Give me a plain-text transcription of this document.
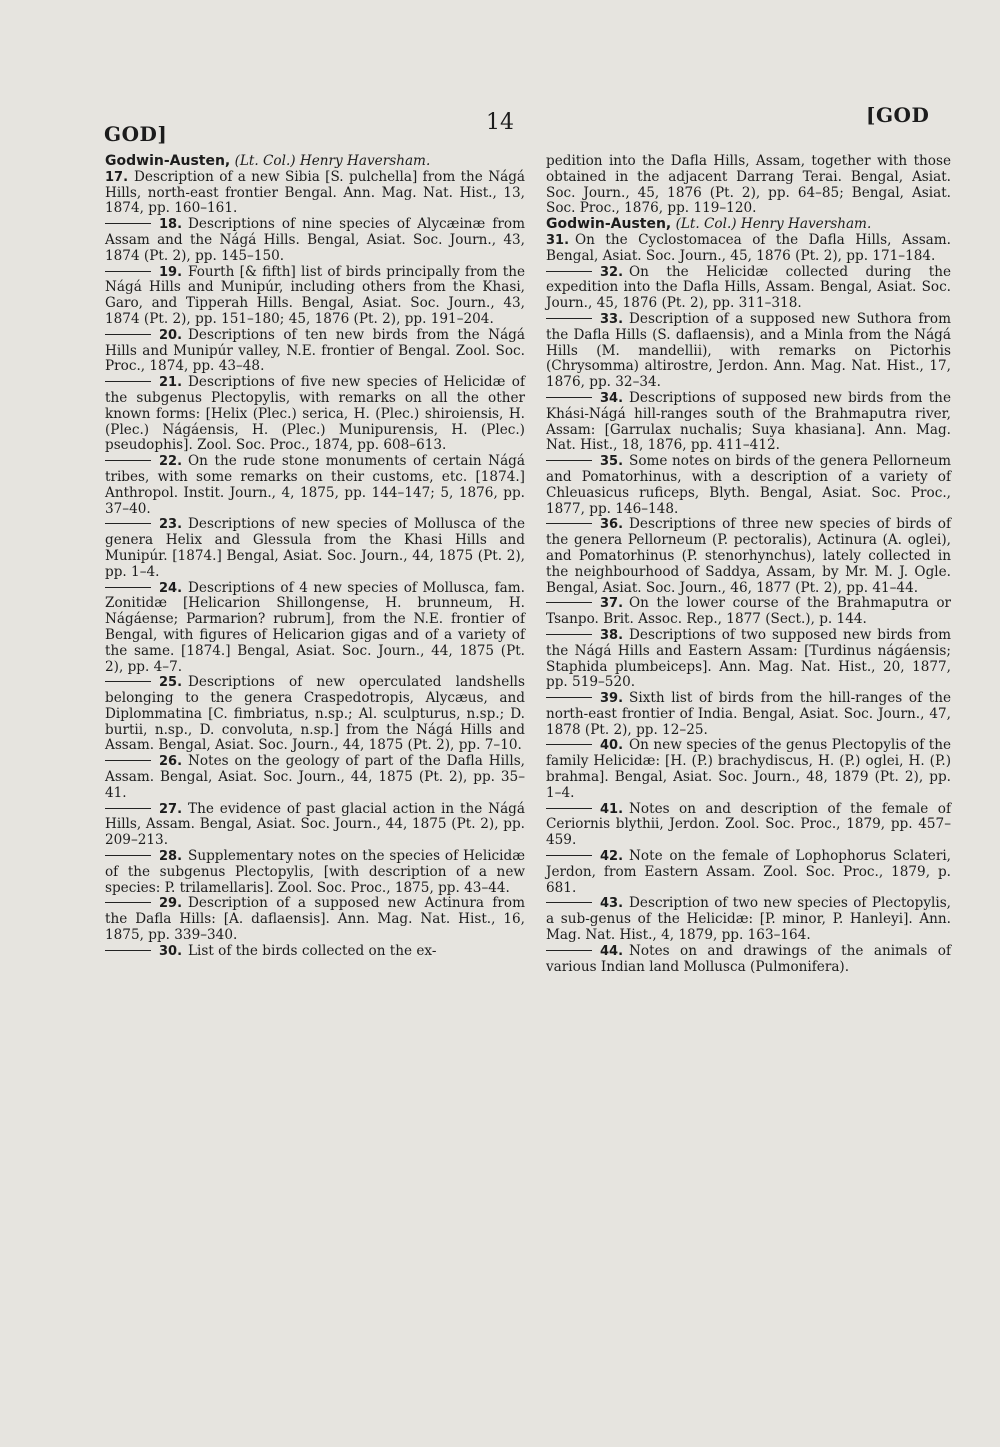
GOD]	14	[GOD

Godwin-Austen, (Lt. Col.) Henry Haversham.

17. Description of a new Sibia [S. pulchella] from the Nágá Hills, north-east frontier Bengal. Ann. Mag. Nat. Hist., 13, 1874, pp. 160–161.

18. Descriptions of nine species of Alycæinæ from Assam and the Nágá Hills. Bengal, Asiat. Soc. Journ., 43, 1874 (Pt. 2), pp. 145–150.

19. Fourth [& fifth] list of birds principally from the Nágá Hills and Munipúr, including others from the Khasi, Garo, and Tipperah Hills. Bengal, Asiat. Soc. Journ., 43, 1874 (Pt. 2), pp. 151–180; 45, 1876 (Pt. 2), pp. 191–204.

20. Descriptions of ten new birds from the Nágá Hills and Munipúr valley, N.E. frontier of Bengal. Zool. Soc. Proc., 1874, pp. 43–48.

21. Descriptions of five new species of Helicidæ of the subgenus Plectopylis, with remarks on all the other known forms: [Helix (Plec.) serica, H. (Plec.) shiroiensis, H. (Plec.) Nágáensis, H. (Plec.) Munipurensis, H. (Plec.) pseudophis]. Zool. Soc. Proc., 1874, pp. 608–613.

22. On the rude stone monuments of certain Nágá tribes, with some remarks on their customs, etc. [1874.] Anthropol. Instit. Journ., 4, 1875, pp. 144–147; 5, 1876, pp. 37–40.

23. Descriptions of new species of Mollusca of the genera Helix and Glessula from the Khasi Hills and Munipúr. [1874.] Bengal, Asiat. Soc. Journ., 44, 1875 (Pt. 2), pp. 1–4.

24. Descriptions of 4 new species of Mollusca, fam. Zonitidæ [Helicarion Shillongense, H. brunneum, H. Nágáense; Parmarion? rubrum], from the N.E. frontier of Bengal, with figures of Helicarion gigas and of a variety of the same. [1874.] Bengal, Asiat. Soc. Journ., 44, 1875 (Pt. 2), pp. 4–7.

25. Descriptions of new operculated landshells belonging to the genera Craspedotropis, Alycæus, and Diplommatina [C. fimbriatus, n.sp.; Al. sculpturus, n.sp.; D. burtii, n.sp., D. convoluta, n.sp.] from the Nágá Hills and Assam. Bengal, Asiat. Soc. Journ., 44, 1875 (Pt. 2), pp. 7–10.

26. Notes on the geology of part of the Dafla Hills, Assam. Bengal, Asiat. Soc. Journ., 44, 1875 (Pt. 2), pp. 35–41.

27. The evidence of past glacial action in the Nágá Hills, Assam. Bengal, Asiat. Soc. Journ., 44, 1875 (Pt. 2), pp. 209–213.

28. Supplementary notes on the species of Helicidæ of the subgenus Plectopylis, [with description of a new species: P. trilamellaris]. Zool. Soc. Proc., 1875, pp. 43–44.

29. Description of a supposed new Actinura from the Dafla Hills: [A. daflaensis]. Ann. Mag. Nat. Hist., 16, 1875, pp. 339–340.

30. List of the birds collected on the ex-

pedition into the Dafla Hills, Assam, together with those obtained in the adjacent Darrang Terai. Bengal, Asiat. Soc. Journ., 45, 1876 (Pt. 2), pp. 64–85; Bengal, Asiat. Soc. Proc., 1876, pp. 119–120.

Godwin-Austen, (Lt. Col.) Henry Haversham.

31. On the Cyclostomacea of the Dafla Hills, Assam. Bengal, Asiat. Soc. Journ., 45, 1876 (Pt. 2), pp. 171–184.

32. On the Helicidæ collected during the expedition into the Dafla Hills, Assam. Bengal, Asiat. Soc. Journ., 45, 1876 (Pt. 2), pp. 311–318.

33. Description of a supposed new Suthora from the Dafla Hills (S. daflaensis), and a Minla from the Nágá Hills (M. mandellii), with remarks on Pictorhis (Chrysomma) altirostre, Jerdon. Ann. Mag. Nat. Hist., 17, 1876, pp. 32–34.

34. Descriptions of supposed new birds from the Khási-Nágá hill-ranges south of the Brahmaputra river, Assam: [Garrulax nuchalis; Suya khasiana]. Ann. Mag. Nat. Hist., 18, 1876, pp. 411–412.

35. Some notes on birds of the genera Pellorneum and Pomatorhinus, with a description of a variety of Chleuasicus ruficeps, Blyth. Bengal, Asiat. Soc. Proc., 1877, pp. 146–148.

36. Descriptions of three new species of birds of the genera Pellorneum (P. pectoralis), Actinura (A. oglei), and Pomatorhinus (P. stenorhynchus), lately collected in the neighbourhood of Saddya, Assam, by Mr. M. J. Ogle. Bengal, Asiat. Soc. Journ., 46, 1877 (Pt. 2), pp. 41–44.

37. On the lower course of the Brahmaputra or Tsanpo. Brit. Assoc. Rep., 1877 (Sect.), p. 144.

38. Descriptions of two supposed new birds from the Nágá Hills and Eastern Assam: [Turdinus nágáensis; Staphida plumbeiceps]. Ann. Mag. Nat. Hist., 20, 1877, pp. 519–520.

39. Sixth list of birds from the hill-ranges of the north-east frontier of India. Bengal, Asiat. Soc. Journ., 47, 1878 (Pt. 2), pp. 12–25.

40. On new species of the genus Plectopylis of the family Helicidæ: [H. (P.) brachydiscus, H. (P.) oglei, H. (P.) brahma]. Bengal, Asiat. Soc. Journ., 48, 1879 (Pt. 2), pp. 1–4.

41. Notes on and description of the female of Ceriornis blythii, Jerdon. Zool. Soc. Proc., 1879, pp. 457–459.

42. Note on the female of Lophophorus Sclateri, Jerdon, from Eastern Assam. Zool. Soc. Proc., 1879, p. 681.

43. Description of two new species of Plectopylis, a sub-genus of the Helicidæ: [P. minor, P. Hanleyi]. Ann. Mag. Nat. Hist., 4, 1879, pp. 163–164.

44. Notes on and drawings of the animals of various Indian land Mollusca (Pulmonifera).
